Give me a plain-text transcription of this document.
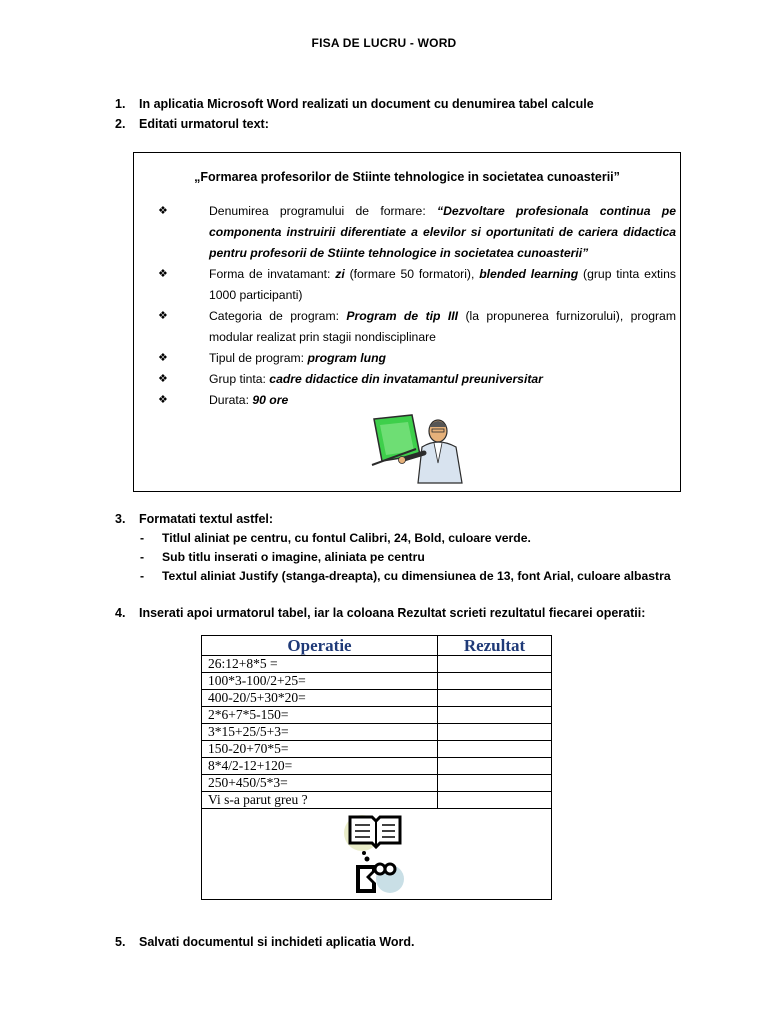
FISA DE LUCRU - WORD
1. In aplicatia Microsoft Word realizati un document cu denumirea tabel calcule
2. Editati urmatorul text:
„Formarea profesorilor de Stiinte tehnologice in societatea cunoasterii”
❖	Denumirea programului de formare: “Dezvoltare profesionala continua pe componenta instruirii diferentiate a elevilor si oportunitati de cariera didactica pentru profesorii de Stiinte tehnologice in societatea cunoasterii”
❖	Forma de invatamant: zi (formare 50 formatori), blended learning (grup tinta extins 1000 participanti)
❖	Categoria de program: Program de tip III (la propunerea furnizorului), program modular realizat prin stagii nondisciplinare
❖	Tipul de program: program lung
❖	Grup tinta: cadre didactice din invatamantul preuniversitar
❖	Durata: 90 ore
3. Formatati textul astfel:
- Titlul aliniat pe centru, cu fontul Calibri, 24, Bold, culoare verde.
- Sub titlu inserati o imagine, aliniata pe centru
- Textul aliniat Justify (stanga-dreapta), cu dimensiunea de 13, font Arial, culoare albastra
4. Inserati apoi urmatorul tabel, iar la coloana Rezultat scrieti rezultatul fiecarei operatii:
Operatie	Rezultat
26:12+8*5 =	
100*3-100/2+25=	
400-20/5+30*20=	
2*6+7*5-150=	
3*15+25/5+3=	
150-20+70*5=	
8*4/2-12+120=	
250+450/5*3=	
Vi s-a parut greu ?	

5. Salvati documentul si inchideti aplicatia Word.
